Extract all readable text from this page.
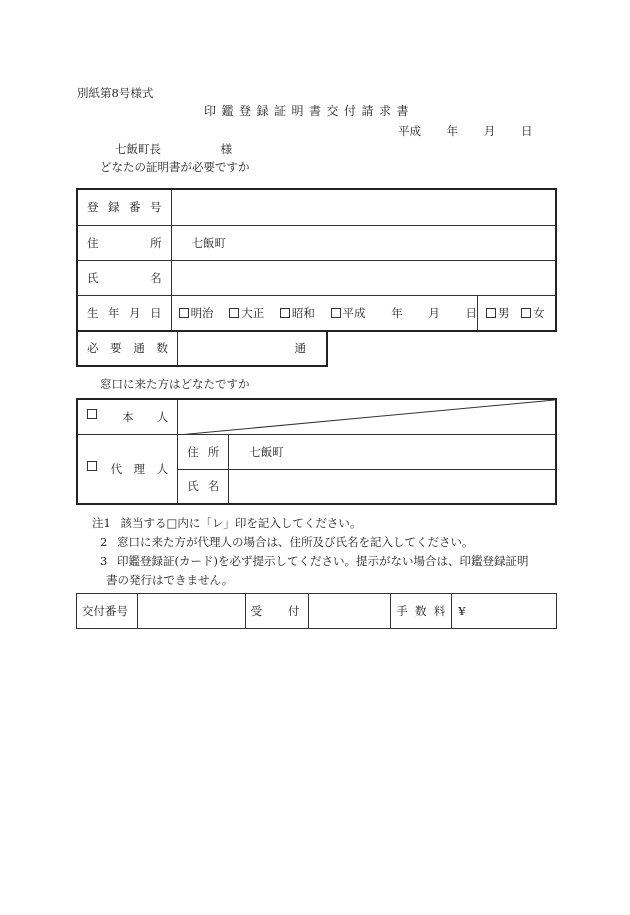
別紙第8号様式
印鑑登録証明書交付請求書
平成 年 月 日
七飯町長	様
どなたの証明書が必要ですか
登 録 番 号		

住 所	七飯町	

氏 名		

生 年 月 日	明治 大正 昭和 平成 年 月 日	男 女
必 要 通 数	通
窓口に来た方はどなたですか
本 人

代 理 人	住 所	七飯町

	氏 名	

注1 該当する□内に「レ」印を記入してください。
2 窓口に来た方が代理人の場合は、住所及び氏名を記入してください。
3 印鑑登録証(カード)を必ず提示してください。提示がない場合は、印鑑登録証明
書の発行はできません。
交付番号		受 付		手 数 料	¥
